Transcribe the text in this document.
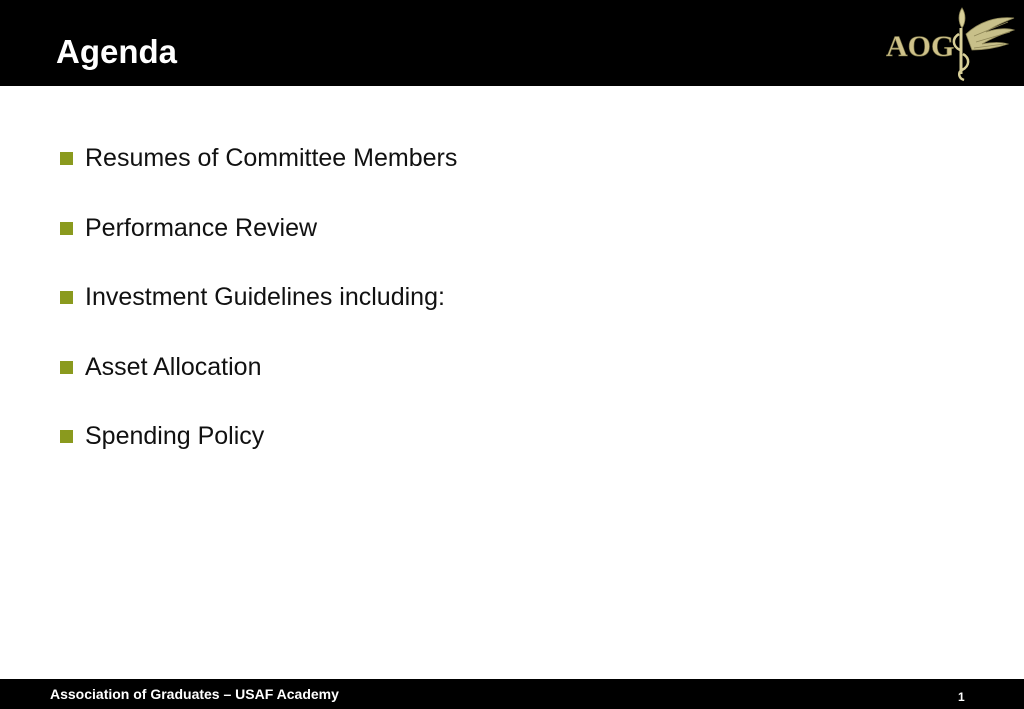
Agenda	AOG
Resumes of Committee Members
Performance Review
Investment Guidelines including:
Asset Allocation
Spending Policy
Association of Graduates – USAF Academy	1
